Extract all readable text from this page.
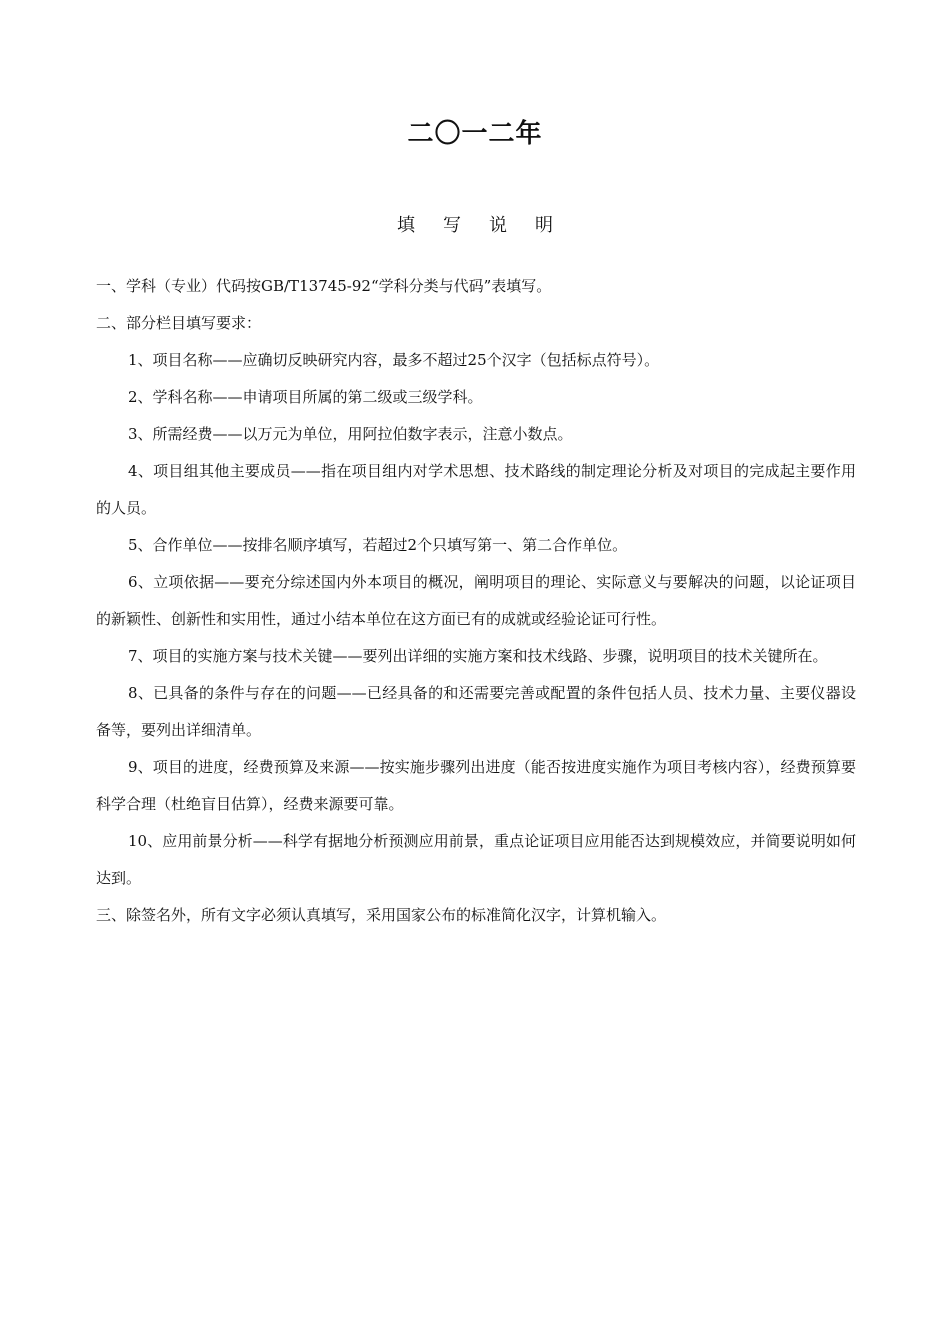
二〇一二年
填写说明

一、学科（专业）代码按GB/T13745-92“学科分类与代码”表填写。

二、部分栏目填写要求：

1、项目名称——应确切反映研究内容，最多不超过25个汉字（包括标点符号）。

2、学科名称——申请项目所属的第二级或三级学科。

3、所需经费——以万元为单位，用阿拉伯数字表示，注意小数点。

4、项目组其他主要成员——指在项目组内对学术思想、技术路线的制定理论分析及对项目的完成起主要作用的人员。

5、合作单位——按排名顺序填写，若超过2个只填写第一、第二合作单位。

6、立项依据——要充分综述国内外本项目的概况，阐明项目的理论、实际意义与要解决的问题，以论证项目的新颖性、创新性和实用性，通过小结本单位在这方面已有的成就或经验论证可行性。

7、项目的实施方案与技术关键——要列出详细的实施方案和技术线路、步骤，说明项目的技术关键所在。

8、已具备的条件与存在的问题——已经具备的和还需要完善或配置的条件包括人员、技术力量、主要仪器设备等，要列出详细清单。

9、项目的进度，经费预算及来源——按实施步骤列出进度（能否按进度实施作为项目考核内容），经费预算要科学合理（杜绝盲目估算），经费来源要可靠。

10、应用前景分析——科学有据地分析预测应用前景，重点论证项目应用能否达到规模效应，并简要说明如何达到。

三、除签名外，所有文字必须认真填写，采用国家公布的标准简化汉字，计算机输入。
